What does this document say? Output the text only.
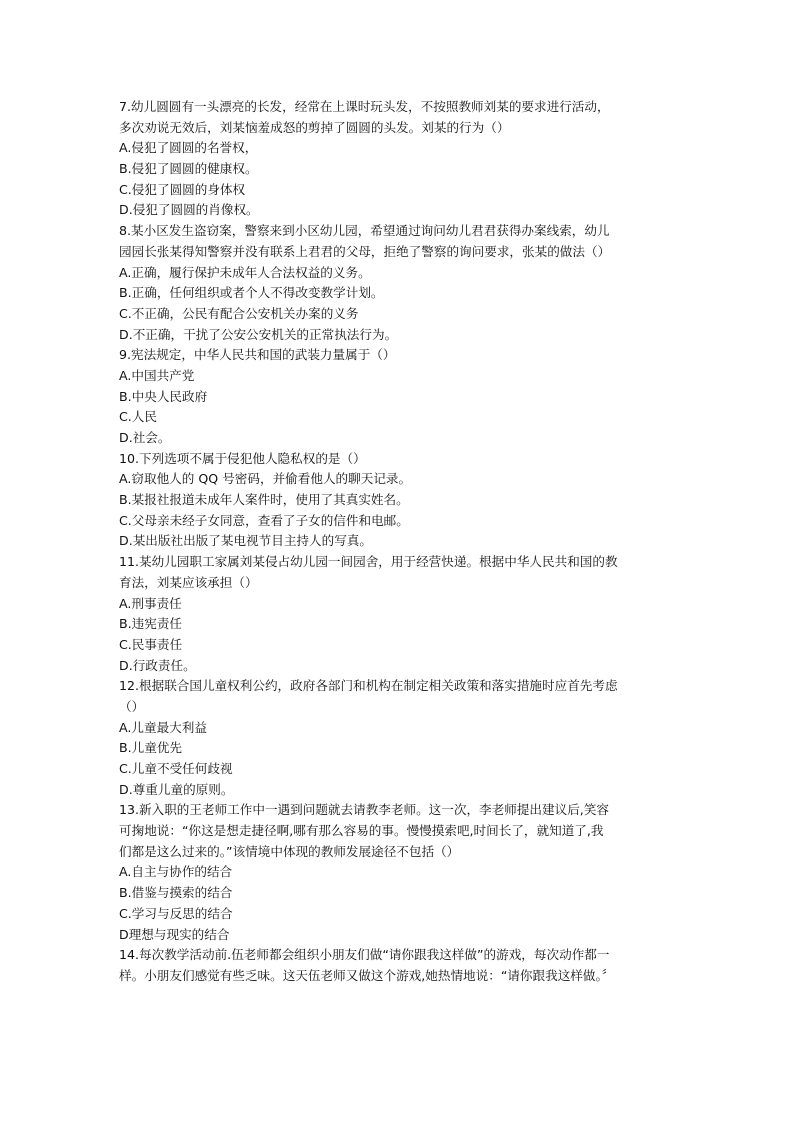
7.幼儿圆圆有一头漂亮的长发，经常在上课时玩头发，不按照教师刘某的要求进行活动，
多次劝说无效后，刘某恼羞成怒的剪掉了圆圆的头发。刘某的行为（）
A.侵犯了圆圆的名誉权，
B.侵犯了圆圆的健康权。
C.侵犯了圆圆的身体权
D.侵犯了圆圆的肖像权。
8.某小区发生盗窃案，警察来到小区幼儿园，希望通过询问幼儿君君获得办案线索，幼儿
园园长张某得知警察并没有联系上君君的父母，拒绝了警察的询问要求，张某的做法（）
A.正确，履行保护未成年人合法权益的义务。
B.正确，任何组织或者个人不得改变教学计划。
C.不正确，公民有配合公安机关办案的义务
D.不正确，干扰了公安公安机关的正常执法行为。
9.宪法规定，中华人民共和国的武装力量属于（）
A.中国共产党
B.中央人民政府
C.人民
D.社会。
10.下列选项不属于侵犯他人隐私权的是（）
A.窃取他人的 QQ 号密码，并偷看他人的聊天记录。
B.某报社报道未成年人案件时，使用了其真实姓名。
C.父母亲未经子女同意，查看了子女的信件和电邮。
D.某出版社出版了某电视节目主持人的写真。
11.某幼儿园职工家属刘某侵占幼儿园一间园舍，用于经营快递。根据中华人民共和国的教
育法，刘某应该承担（）
A.刑事责任
B.违宪责任
C.民事责任
D.行政责任。
12.根据联合国儿童权利公约，政府各部门和机构在制定相关政策和落实措施时应首先考虑
（）
A.儿童最大利益
B.儿童优先
C.儿童不受任何歧视
D.尊重儿童的原则。
13.新入职的王老师工作中一遇到问题就去请教李老师。这一次，李老师提出建议后,笑容
可掬地说：“你这是想走捷径啊,哪有那么容易的事。慢慢摸索吧,时间长了，就知道了,我
们都是这么过来的。”该情境中体现的教师发展途径不包括（）
A.自主与协作的结合
B.借鉴与摸索的结合
C.学习与反思的结合
D理想与现实的结合
14.每次教学活动前.伍老师都会组织小朋友们做“请你跟我这样做”的游戏，每次动作都一
样。小朋友们感觉有些乏味。这天伍老师又做这个游戏,她热情地说：“请你跟我这样做。〞
